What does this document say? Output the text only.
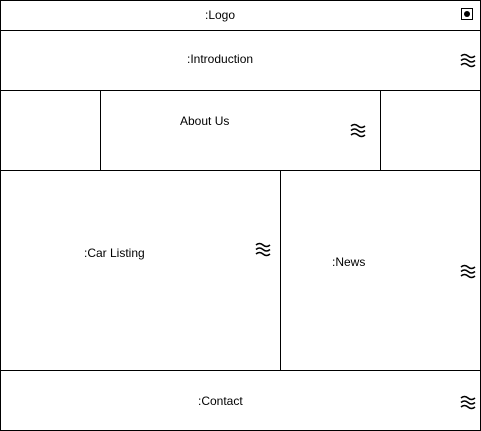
:Logo
:Introduction
About Us
:Car Listing
:News
:Contact
